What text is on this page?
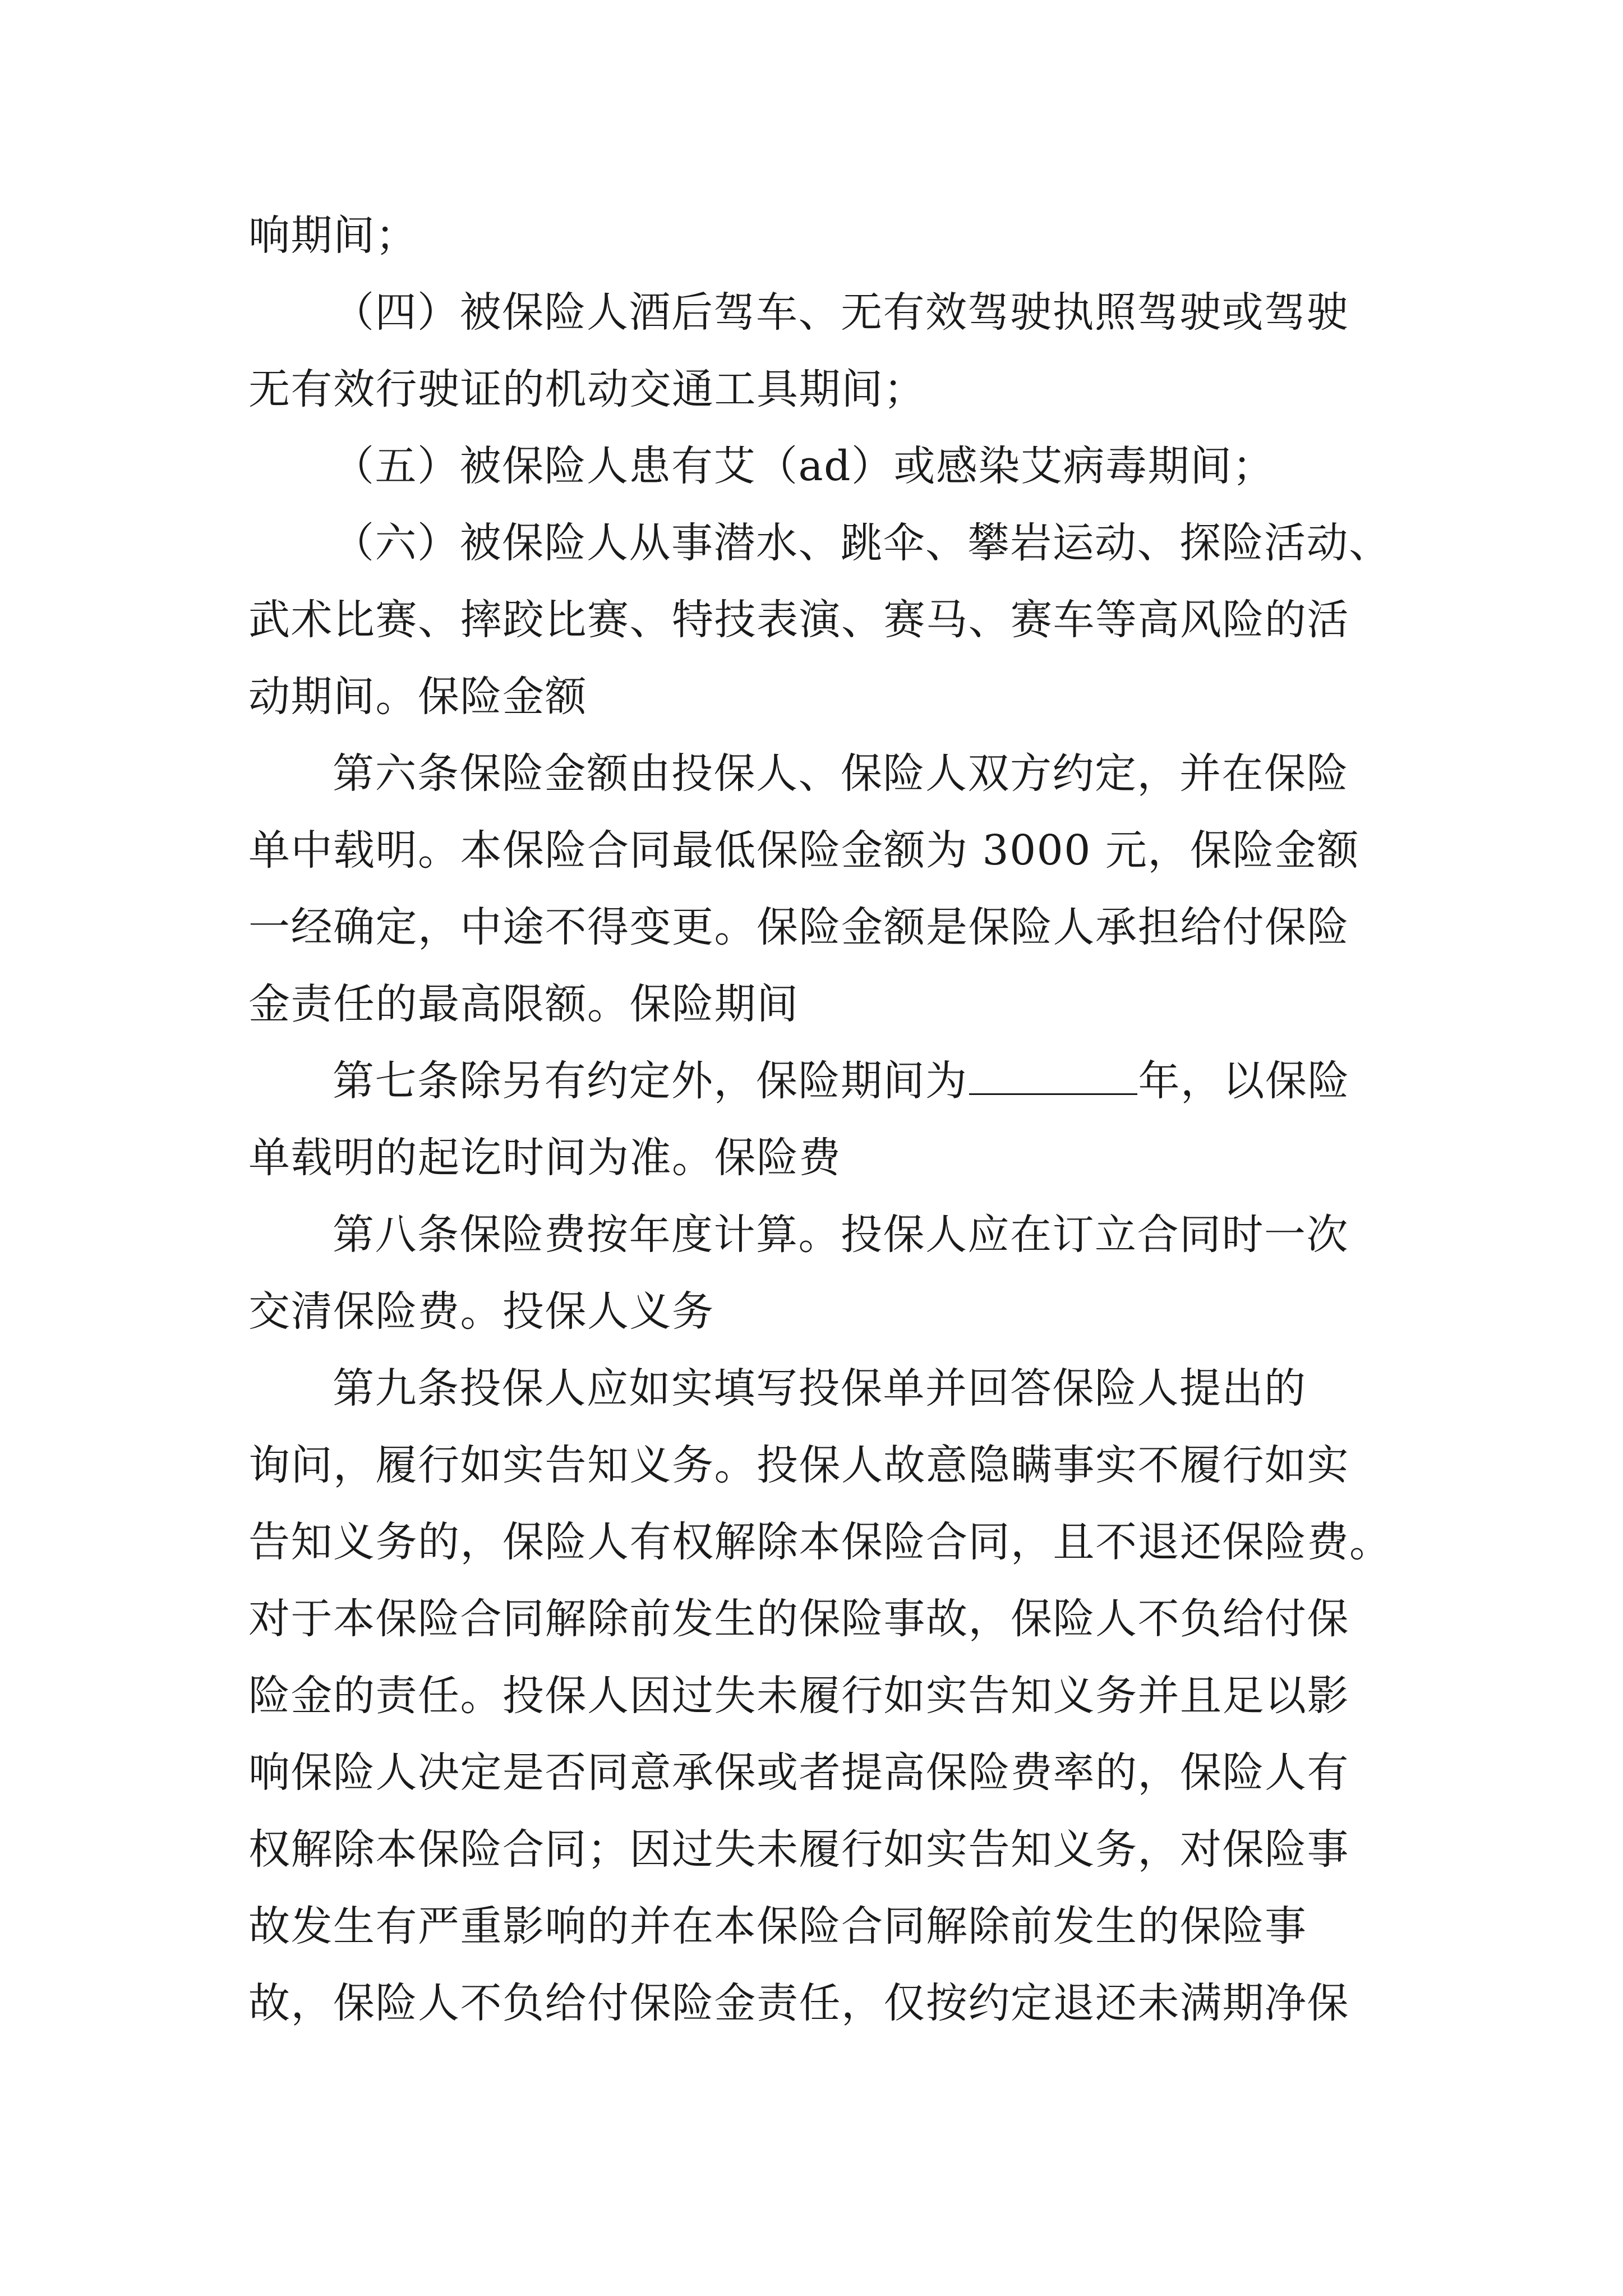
响期间；
（四）被保险人酒后驾车、无有效驾驶执照驾驶或驾驶
无有效行驶证的机动交通工具期间；
（五）被保险人患有艾（ad）或感染艾病毒期间；
（六）被保险人从事潜水、跳伞、攀岩运动、探险活动、
武术比赛、摔跤比赛、特技表演、赛马、赛车等高风险的活
动期间。保险金额
第六条保险金额由投保人、保险人双方约定，并在保险
单中载明。本保险合同最低保险金额为 3000 元，保险金额
一经确定，中途不得变更。保险金额是保险人承担给付保险
金责任的最高限额。保险期间
第七条除另有约定外，保险期间为	年，以保险
单载明的起讫时间为准。保险费
第八条保险费按年度计算。投保人应在订立合同时一次
交清保险费。投保人义务
第九条投保人应如实填写投保单并回答保险人提出的
询问，履行如实告知义务。投保人故意隐瞒事实不履行如实
告知义务的，保险人有权解除本保险合同，且不退还保险费。
对于本保险合同解除前发生的保险事故，保险人不负给付保
险金的责任。投保人因过失未履行如实告知义务并且足以影
响保险人决定是否同意承保或者提高保险费率的，保险人有
权解除本保险合同；因过失未履行如实告知义务，对保险事
故发生有严重影响的并在本保险合同解除前发生的保险事
故，保险人不负给付保险金责任，仅按约定退还未满期净保
